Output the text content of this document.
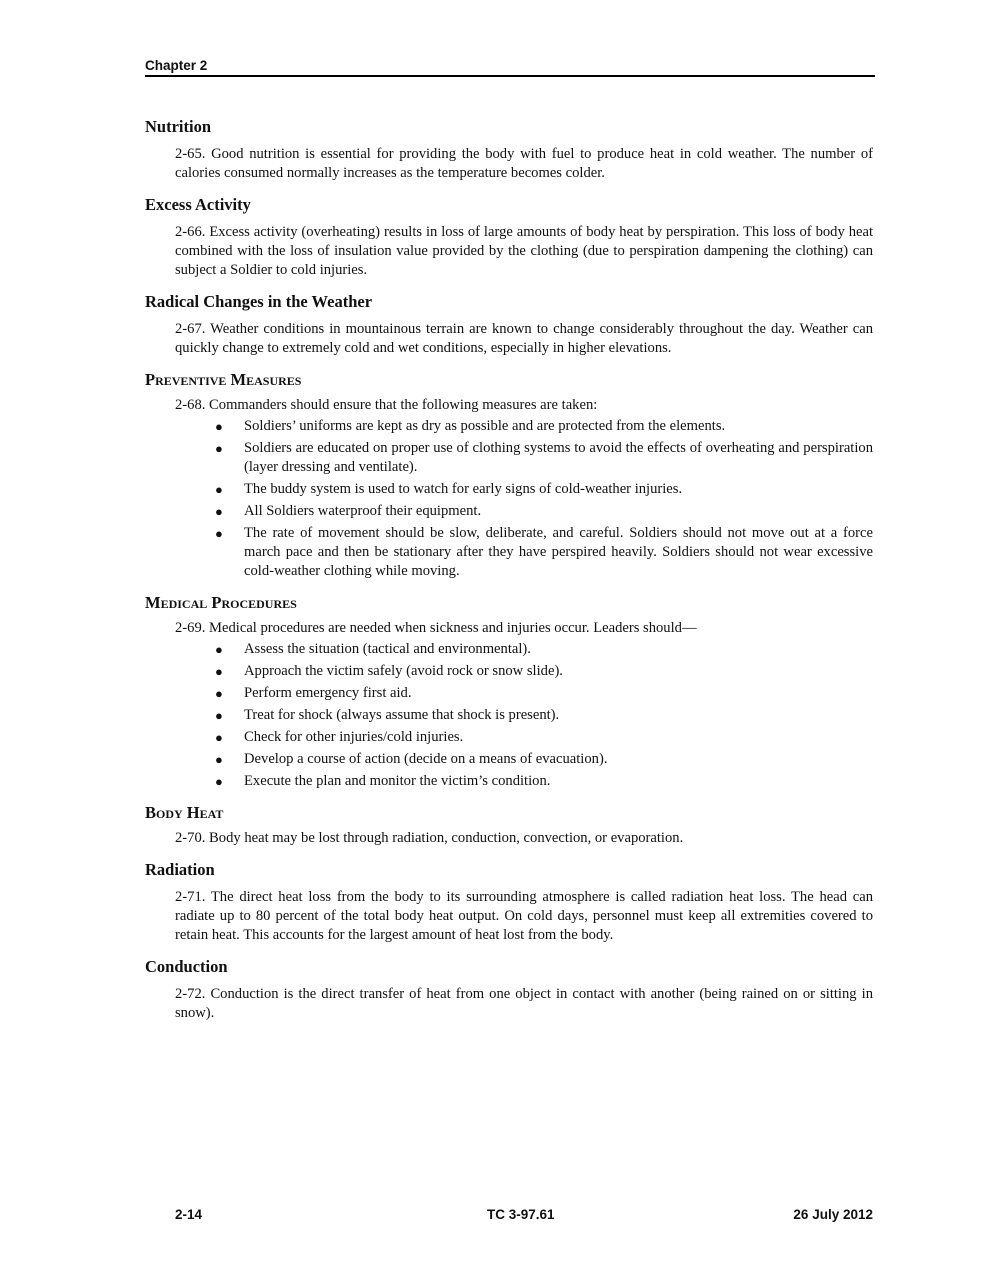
Chapter 2
Nutrition

2-65. Good nutrition is essential for providing the body with fuel to produce heat in cold weather. The number of calories consumed normally increases as the temperature becomes colder.

Excess Activity

2-66. Excess activity (overheating) results in loss of large amounts of body heat by perspiration. This loss of body heat combined with the loss of insulation value provided by the clothing (due to perspiration dampening the clothing) can subject a Soldier to cold injuries.

Radical Changes in the Weather

2-67. Weather conditions in mountainous terrain are known to change considerably throughout the day. Weather can quickly change to extremely cold and wet conditions, especially in higher elevations.

Preventive Measures

2-68. Commanders should ensure that the following measures are taken:

● Soldiers’ uniforms are kept as dry as possible and are protected from the elements.
● Soldiers are educated on proper use of clothing systems to avoid the effects of overheating and perspiration (layer dressing and ventilate).
● The buddy system is used to watch for early signs of cold-weather injuries.
● All Soldiers waterproof their equipment.
● The rate of movement should be slow, deliberate, and careful. Soldiers should not move out at a force march pace and then be stationary after they have perspired heavily. Soldiers should not wear excessive cold-weather clothing while moving.
Medical Procedures

2-69. Medical procedures are needed when sickness and injuries occur. Leaders should—

● Assess the situation (tactical and environmental).
● Approach the victim safely (avoid rock or snow slide).
● Perform emergency first aid.
● Treat for shock (always assume that shock is present).
● Check for other injuries/cold injuries.
● Develop a course of action (decide on a means of evacuation).
● Execute the plan and monitor the victim’s condition.
Body Heat

2-70. Body heat may be lost through radiation, conduction, convection, or evaporation.

Radiation

2-71. The direct heat loss from the body to its surrounding atmosphere is called radiation heat loss. The head can radiate up to 80 percent of the total body heat output. On cold days, personnel must keep all extremities covered to retain heat. This accounts for the largest amount of heat lost from the body.

Conduction

2-72. Conduction is the direct transfer of heat from one object in contact with another (being rained on or sitting in snow).

2-14	TC 3-97.61	26 July 2012
